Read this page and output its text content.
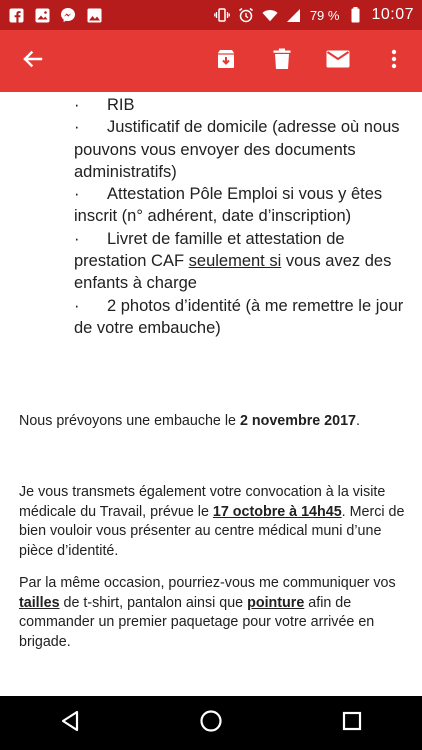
79 % 10:07
·	RIB
·	Justificatif de domicile (adresse où nous pouvons vous envoyer des documents administratifs)
·	Attestation Pôle Emploi si vous y êtes inscrit (n° adhérent, date d’inscription)
·	Livret de famille et attestation de prestation CAF seulement si vous avez des enfants à charge
·	2 photos d’identité (à me remettre le jour de votre embauche)

Nous prévoyons une embauche le 2 novembre 2017.

Je vous transmets également votre convocation à la visite médicale du Travail, prévue le 17 octobre à 14h45. Merci de bien vouloir vous présenter au centre médical muni d’une pièce d’identité.

Par la même occasion, pourriez-vous me communiquer vos tailles de t-shirt, pantalon ainsi que pointure afin de commander un premier paquetage pour votre arrivée en brigade.
